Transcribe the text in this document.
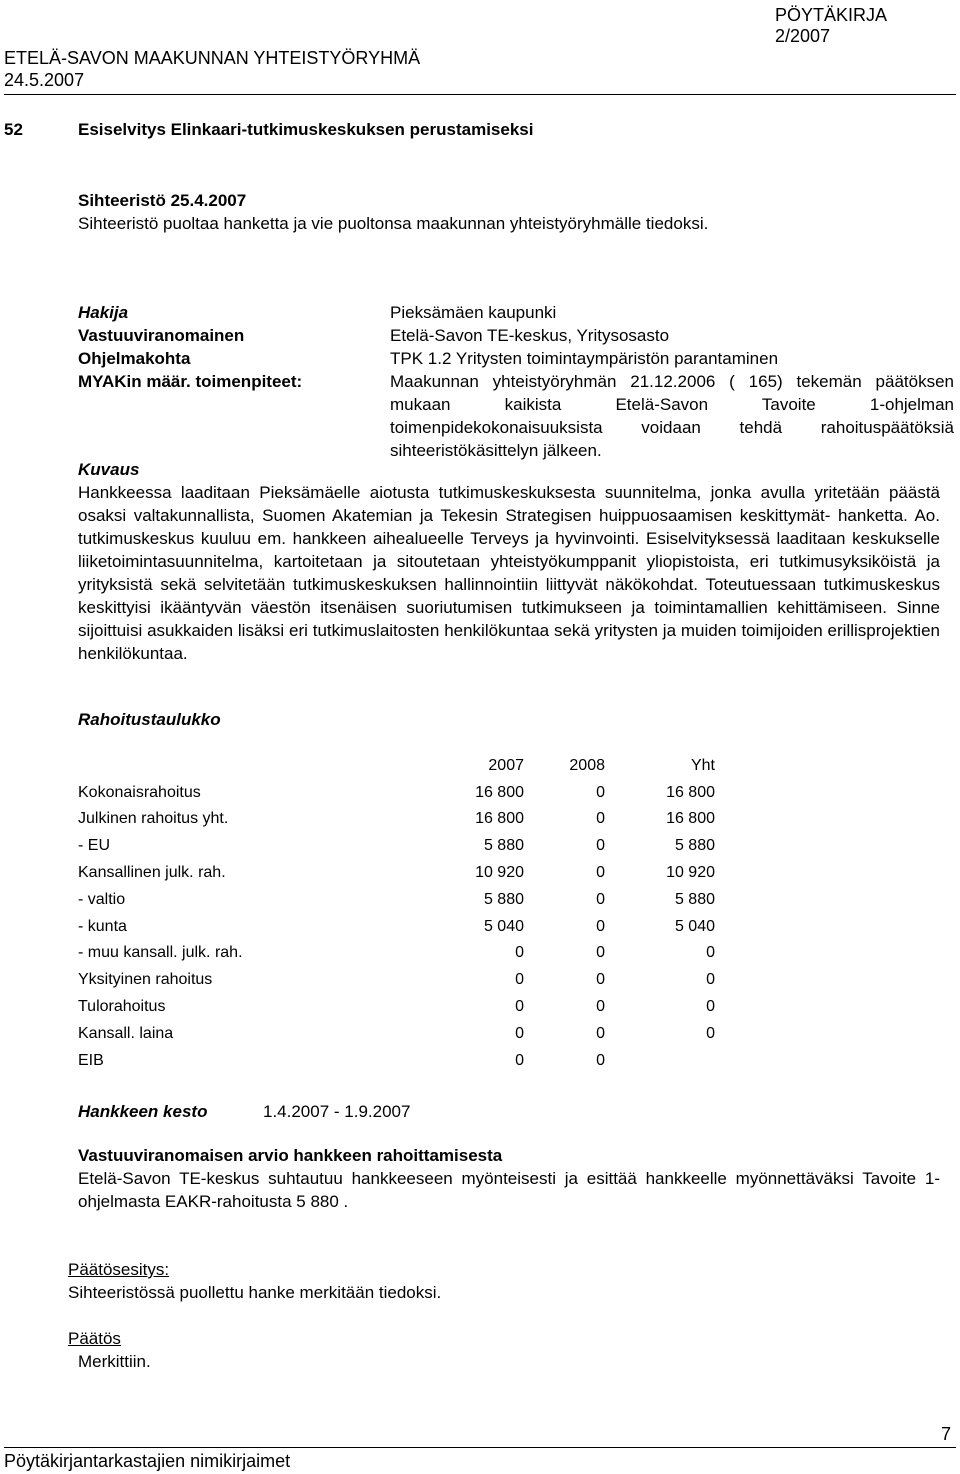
PÖYTÄKIRJA
2/2007
ETELÄ-SAVON MAAKUNNAN YHTEISTYÖRYHMÄ
24.5.2007
52	Esiselvitys Elinkaari-tutkimuskeskuksen perustamiseksi
Sihteeristö 25.4.2007
Sihteeristö puoltaa hanketta ja vie puoltonsa maakunnan yhteistyöryhmälle tiedoksi.
Hakija	Pieksämäen kaupunki
Vastuuviranomainen	Etelä-Savon TE-keskus, Yritysosasto
Ohjelmakohta	TPK 1.2 Yritysten toimintaympäristön parantaminen
MYAKin määr. toimenpiteet:	Maakunnan yhteistyöryhmän 21.12.2006 ( 165) tekemän päätöksen mukaan kaikista Etelä-Savon Tavoite 1-ohjelman toimenpidekokonaisuuksista voidaan tehdä rahoituspäätöksiä sihteeristökäsittelyn jälkeen.
Kuvaus
Hankkeessa laaditaan Pieksämäelle aiotusta tutkimuskeskuksesta suunnitelma, jonka avulla yritetään päästä osaksi valtakunnallista, Suomen Akatemian ja Tekesin Strategisen huippuosaamisen keskittymät- hanketta. Ao. tutkimuskeskus kuuluu em. hankkeen aihealueelle Terveys ja hyvinvointi. Esiselvityksessä laaditaan keskukselle liiketoimintasuunnitelma, kartoitetaan ja sitoutetaan yhteistyökumppanit yliopistoista, eri tutkimusyksiköistä ja yrityksistä sekä selvitetään tutkimuskeskuksen hallinnointiin liittyvät näkökohdat. Toteutuessaan tutkimuskeskus keskittyisi ikääntyvän väestön itsenäisen suoriutumisen tutkimukseen ja toimintamallien kehittämiseen. Sinne sijoittuisi asukkaiden lisäksi eri tutkimuslaitosten henkilökuntaa sekä yritysten ja muiden toimijoiden erillisprojektien henkilökuntaa.
Rahoitustaulukko
	2007	2008	Yht
Kokonaisrahoitus	16 800	0	16 800
Julkinen rahoitus yht.	16 800	0	16 800
- EU	5 880	0	5 880
Kansallinen julk. rah.	10 920	0	10 920
- valtio	5 880	0	5 880
- kunta	5 040	0	5 040
- muu kansall. julk. rah.	0	0	0
Yksityinen rahoitus	0	0	0
Tulorahoitus	0	0	0
Kansall. laina	0	0	0
EIB	0	0	
Hankkeen kesto	1.4.2007 - 1.9.2007
Vastuuviranomaisen arvio hankkeen rahoittamisesta
Etelä-Savon TE-keskus suhtautuu hankkeeseen myönteisesti ja esittää hankkeelle myönnettäväksi Tavoite 1-ohjelmasta EAKR-rahoitusta 5 880 .
Päätösesitys:
Sihteeristössä puollettu hanke merkitään tiedoksi.
Päätös
Merkittiin.
7
Pöytäkirjantarkastajien nimikirjaimet
